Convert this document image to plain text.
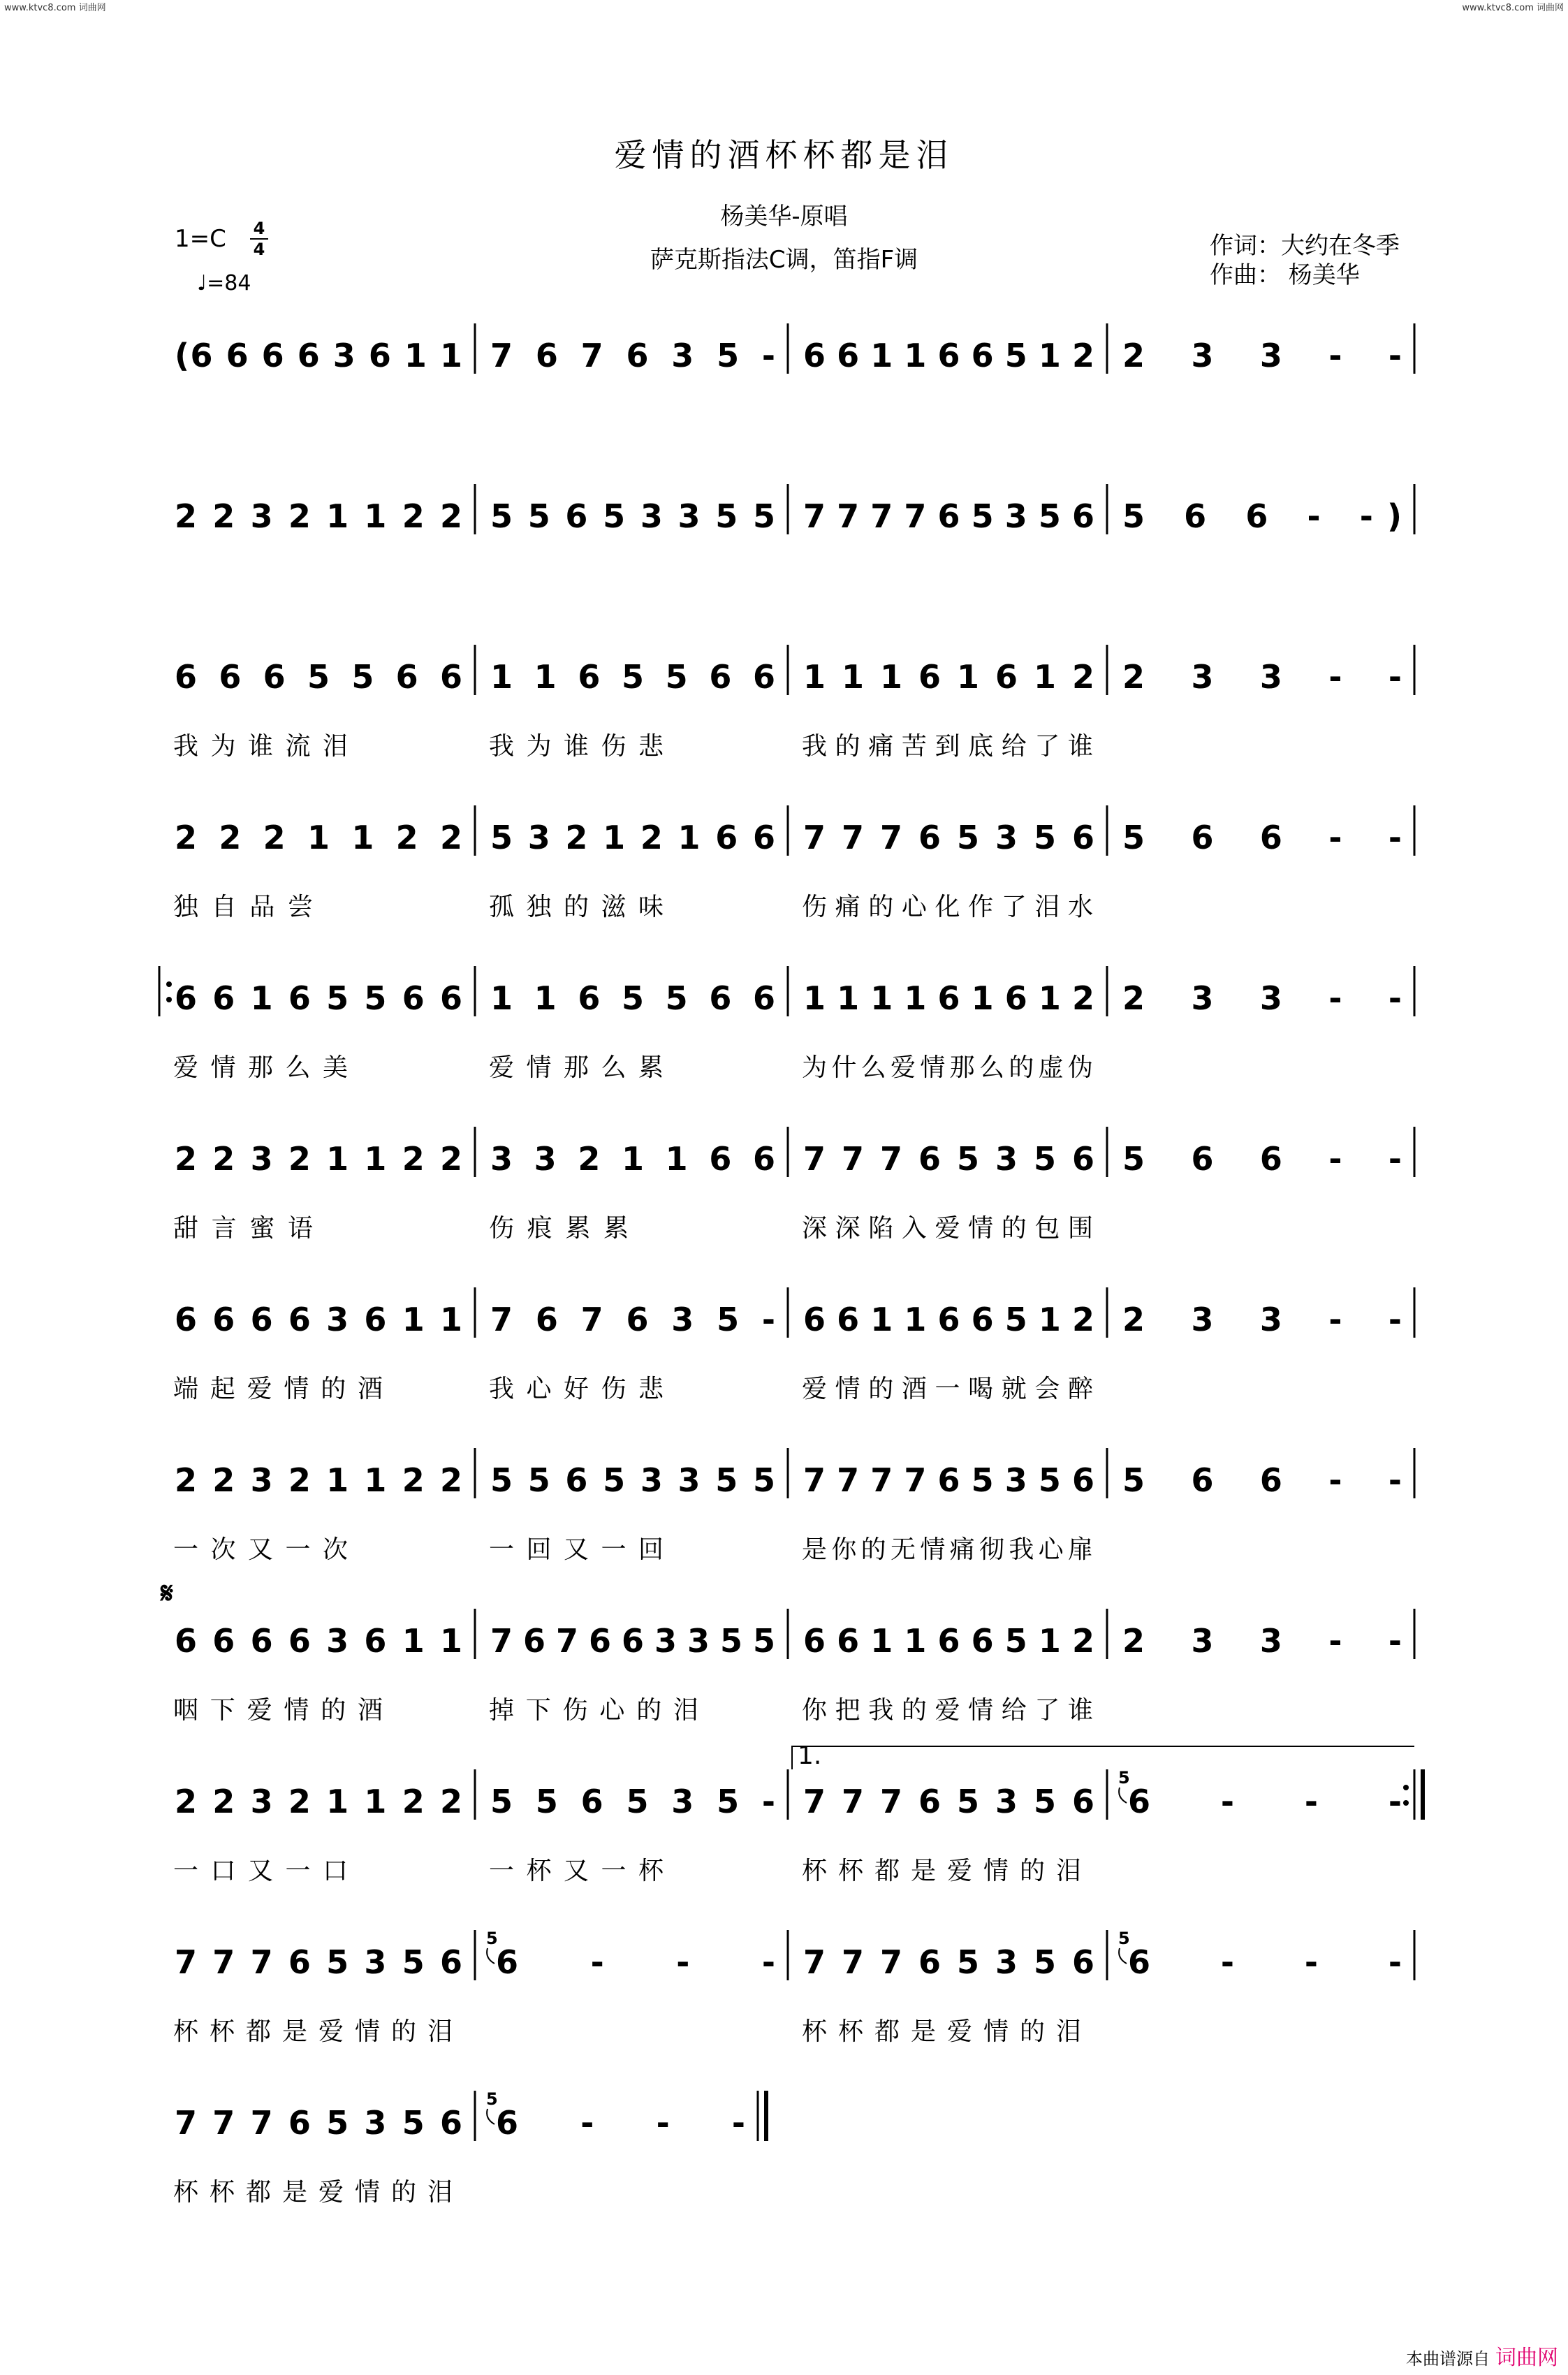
www.ktvc8.com 词曲网	www.ktvc8.com 词曲网
爱情的酒杯杯都是泪
杨美华-原唱
萨克斯指法C调，笛指F调
1=C 4
4
♩=84
作词：大约在冬季
作曲： 杨美华
(6 6 6 6 3 6 1 1 7 6 7 6 3 5 - 6 6 1 1 6 6 5 1 2 2 3 3 - -
2 2 3 2 1 1 2 2 5 5 6 5 3 3 5 5 7 7 7 7 6 5 3 5 6 5 6 6 - -)
6 6 6 5 5 6 6
我 为 谁 流 泪
1 1 6 5 5 6 6
我 为 谁 伤 悲
1 1 1 6 1 6 1 2
我 的 痛 苦 到 底 给 了 谁
2 3 3 - -
2 2 2 1 1 2 2
独 自 品 尝
5 3 2 1 2 1 6 6
孤 独 的 滋 味
7 7 7 6 5 3 5 6
伤 痛 的 心 化 作 了 泪 水
5 6 6 - -
6 6 1 6 5 5 6 6
爱 情 那 么 美
1 1 6 5 5 6 6
爱 情 那 么 累
1 1 1 1 6 1 6 1 2
为 什 么 爱 情 那 么 的 虚 伪
2 3 3 - -
2 2 3 2 1 1 2 2
甜 言 蜜 语
3 3 2 1 1 6 6
伤 痕 累 累
7 7 7 6 5 3 5 6
深 深 陷 入 爱 情 的 包 围
5 6 6 - -
6 6 6 6 3 6 1 1
端 起 爱 情 的 酒
7 6 7 6 3 5 -
我 心 好 伤 悲
6 6 1 1 6 6 5 1 2
爱 情 的 酒 一 喝 就 会 醉
2 3 3 - -
2 2 3 2 1 1 2 2
一 次 又 一 次
5 5 6 5 3 3 5 5
一 回 又 一 回
7 7 7 7 6 5 3 5 6
是 你 的 无 情 痛 彻 我 心 扉
5 6 6 - -
𝄋
6 6 6 6 3 6 1 1
咽 下 爱 情 的 酒
7 6 7 6 6 3 3 5 5
掉 下 伤 心 的 泪
6 6 1 1 6 6 5 1 2
你 把 我 的 爱 情 给 了 谁
2 3 3 - -
1.
2 2 3 2 1 1 2 2
一 口 又 一 口
5 5 6 5 3 5 -
一 杯 又 一 杯
7 7 7 6 5 3 5 6
杯 杯 都 是 爱 情 的 泪
5
6 - - -
7 7 7 6 5 3 5 6
杯 杯 都 是 爱 情 的 泪
5
6 - - - 7 7 7 6 5 3 5 6
杯 杯 都 是 爱 情 的 泪
5
6 - - -
7 7 7 6 5 3 5 6
杯 杯 都 是 爱 情 的 泪
5
6 - - -
本曲谱源自 词曲网
